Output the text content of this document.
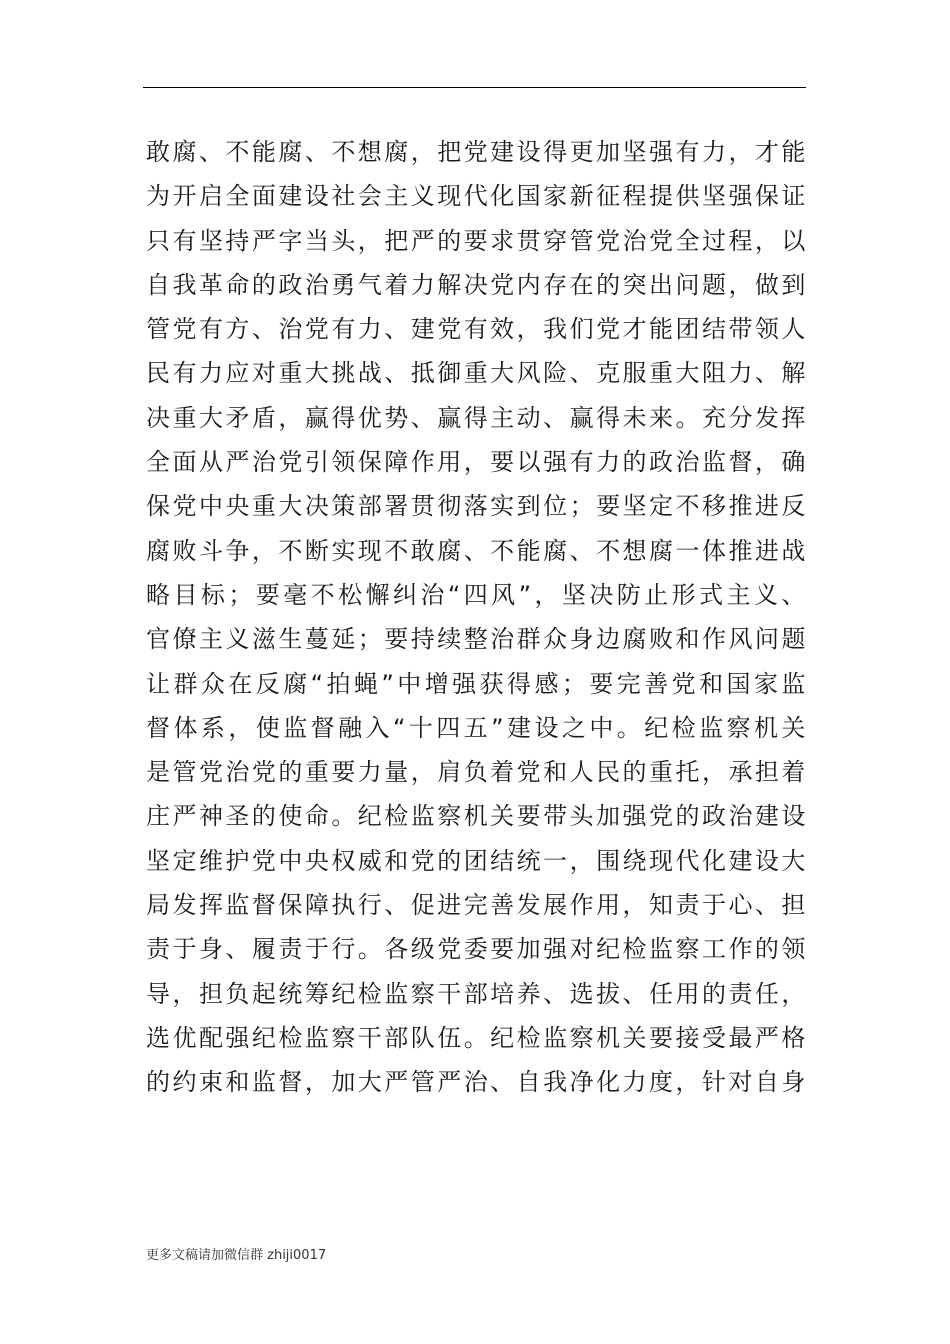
敢腐、不能腐、不想腐，把党建设得更加坚强有力，才能
为开启全面建设社会主义现代化国家新征程提供坚强保证
只有坚持严字当头，把严的要求贯穿管党治党全过程，以
自我革命的政治勇气着力解决党内存在的突出问题，做到
管党有方、治党有力、建党有效，我们党才能团结带领人
民有力应对重大挑战、抵御重大风险、克服重大阻力、解
决重大矛盾，赢得优势、赢得主动、赢得未来。充分发挥
全面从严治党引领保障作用，要以强有力的政治监督，确
保党中央重大决策部署贯彻落实到位；要坚定不移推进反
腐败斗争，不断实现不敢腐、不能腐、不想腐一体推进战
略目标；要毫不松懈纠治“四风”，坚决防止形式主义、
官僚主义滋生蔓延；要持续整治群众身边腐败和作风问题
让群众在反腐“拍蝇”中增强获得感；要完善党和国家监
督体系，使监督融入“十四五”建设之中。纪检监察机关
是管党治党的重要力量，肩负着党和人民的重托，承担着
庄严神圣的使命。纪检监察机关要带头加强党的政治建设
坚定维护党中央权威和党的团结统一，围绕现代化建设大
局发挥监督保障执行、促进完善发展作用，知责于心、担
责于身、履责于行。各级党委要加强对纪检监察工作的领
导，担负起统筹纪检监察干部培养、选拔、任用的责任，
选优配强纪检监察干部队伍。纪检监察机关要接受最严格
的约束和监督，加大严管严治、自我净化力度，针对自身
更多文稿请加微信群 zhiji0017
